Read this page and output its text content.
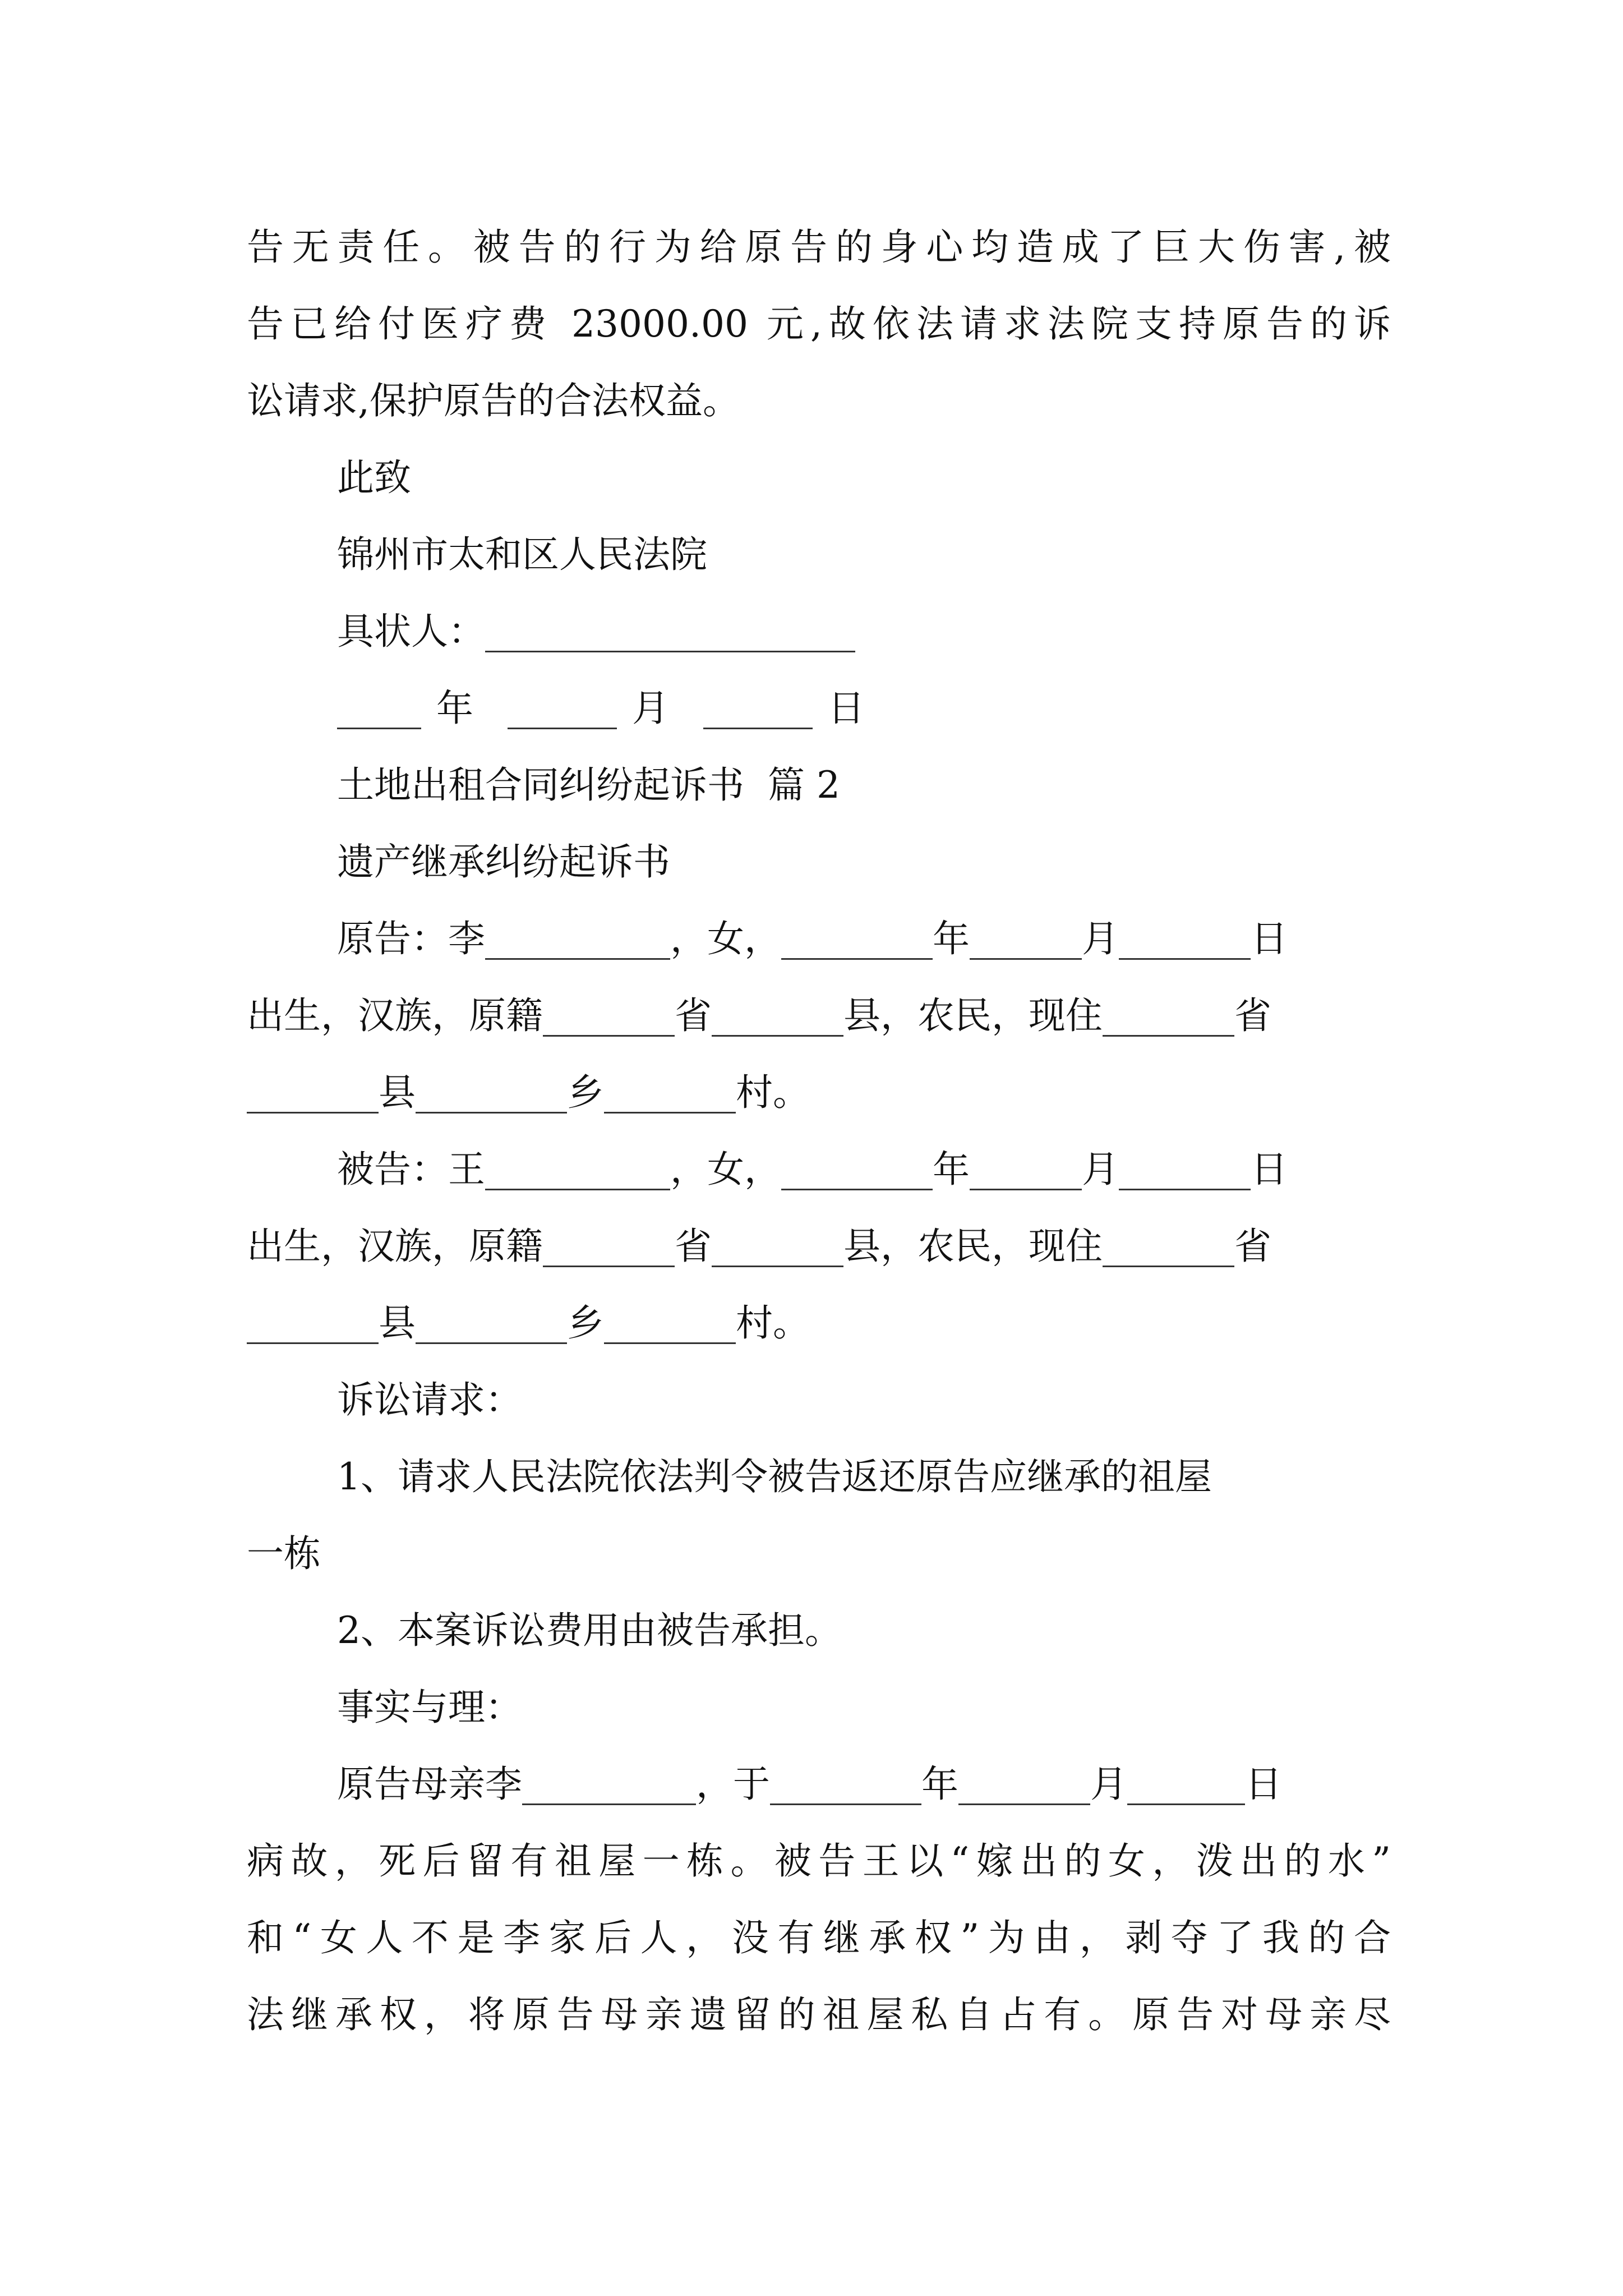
告无责任。被告的行为给原告的身心均造成了巨大伤害,被
告已给付医疗费 23000.00 元,故依法请求法院支持原告的诉
讼请求,保护原告的合法权益。
此致
锦州市太和区人民法院
具状人：
年	月	日
土地出租合同纠纷起诉书  篇 2
遗产继承纠纷起诉书
原告：李	，女，	年	月	日
出生，汉族，原籍	省	县，农民，现住	省
县	乡	村。
被告：王	，女，	年	月	日
出生，汉族，原籍	省	县，农民，现住	省
县	乡	村。
诉讼请求：
1、请求人民法院依法判令被告返还原告应继承的祖屋
一栋
2、本案诉讼费用由被告承担。
事实与理：
原告母亲李	，于	年	月	日
病故，死后留有祖屋一栋。被告王以“嫁出的女，泼出的水”
和“女人不是李家后人，没有继承权”为由，剥夺了我的合
法继承权，将原告母亲遗留的祖屋私自占有。原告对母亲尽
